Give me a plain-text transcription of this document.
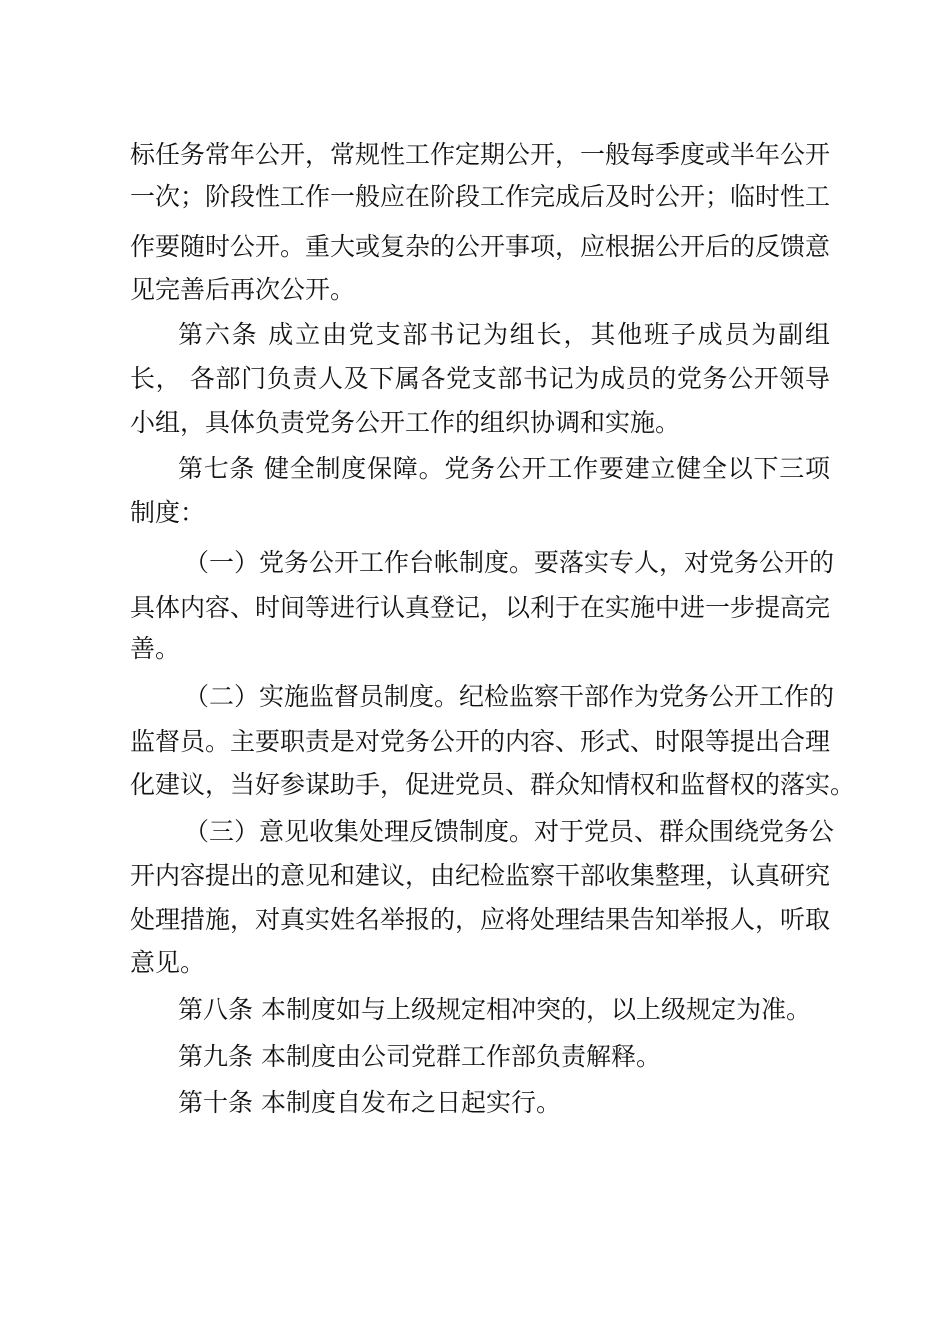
标任务常年公开，常规性工作定期公开，一般每季度或半年公开
一次；阶段性工作一般应在阶段工作完成后及时公开；临时性工
作要随时公开。重大或复杂的公开事项，应根据公开后的反馈意
见完善后再次公开。
第六条 成立由党支部书记为组长，其他班子成员为副组
长， 各部门负责人及下属各党支部书记为成员的党务公开领导
小组，具体负责党务公开工作的组织协调和实施。
第七条 健全制度保障。党务公开工作要建立健全以下三项
制度：
（一）党务公开工作台帐制度。要落实专人，对党务公开的
具体内容、时间等进行认真登记，以利于在实施中进一步提高完
善。
（二）实施监督员制度。纪检监察干部作为党务公开工作的
监督员。主要职责是对党务公开的内容、形式、时限等提出合理
化建议，当好参谋助手，促进党员、群众知情权和监督权的落实。
（三）意见收集处理反馈制度。对于党员、群众围绕党务公
开内容提出的意见和建议，由纪检监察干部收集整理，认真研究
处理措施，对真实姓名举报的，应将处理结果告知举报人，听取
意见。
第八条 本制度如与上级规定相冲突的，以上级规定为准。
第九条 本制度由公司党群工作部负责解释。
第十条 本制度自发布之日起实行。
